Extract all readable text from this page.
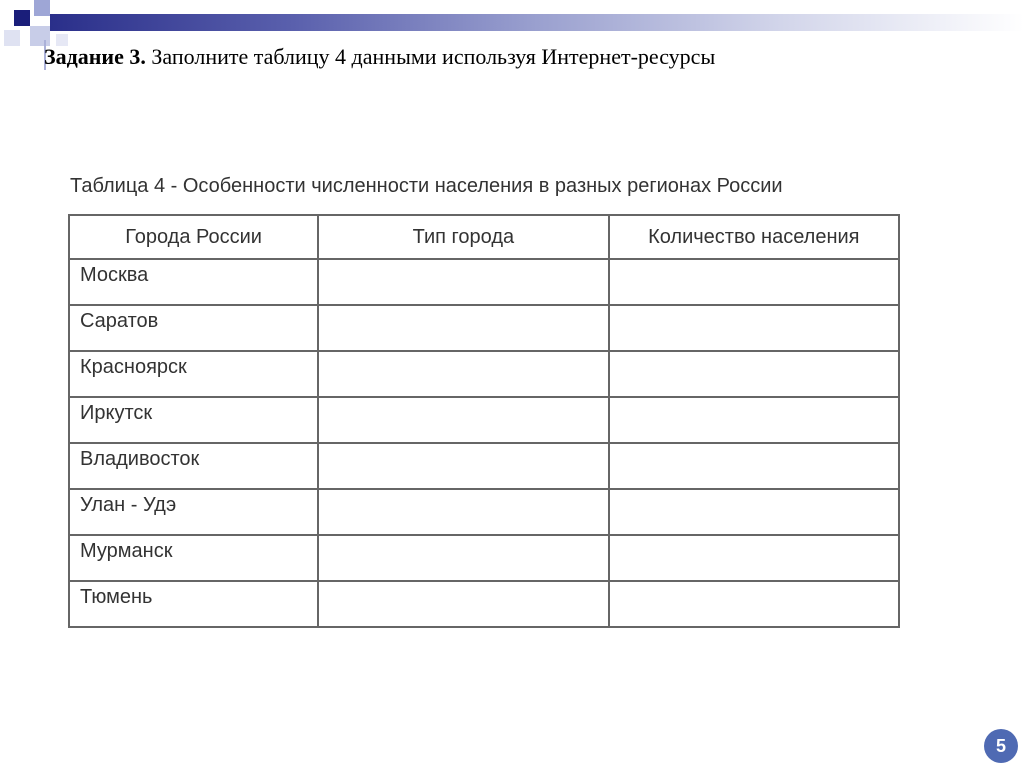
Задание 3. Заполните таблицу 4 данными используя Интернет-ресурсы
Таблица 4 - Особенности численности населения в разных регионах России
Города России	Тип города	Количество населения
Москва		
Саратов		
Красноярск		
Иркутск		
Владивосток		
Улан - Удэ		
Мурманск		
Тюмень		
5
